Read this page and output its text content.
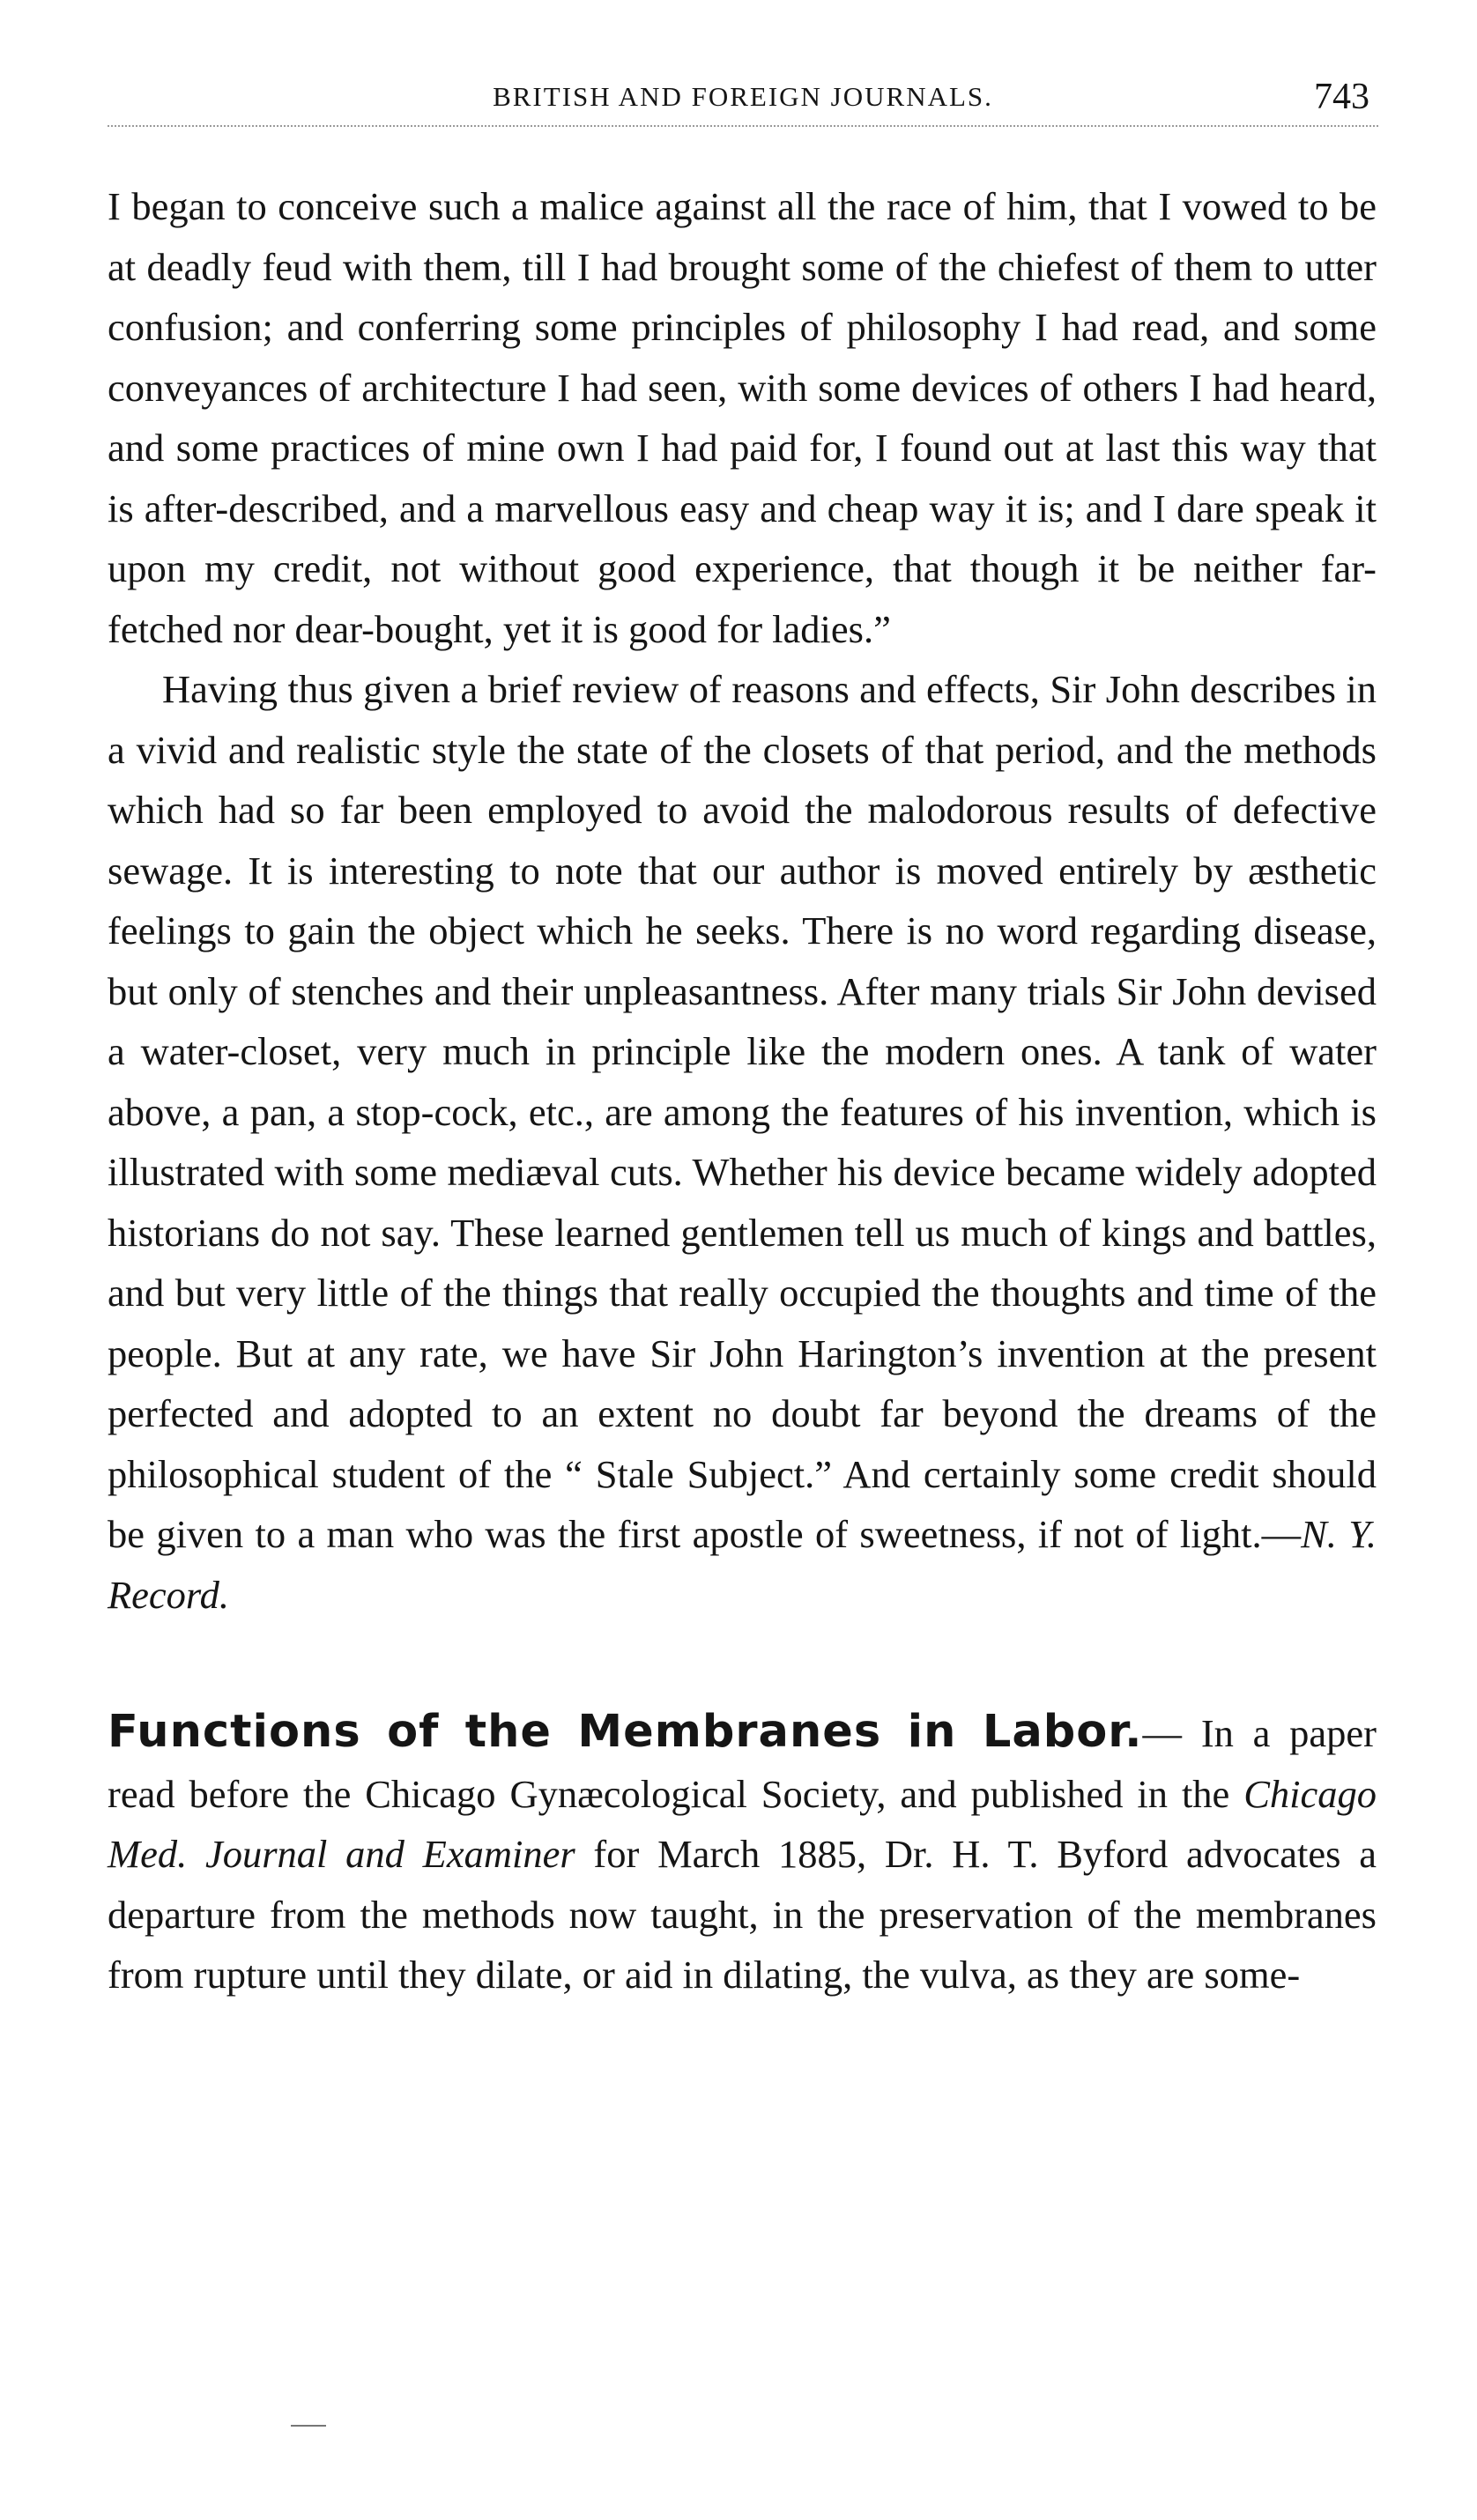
BRITISH AND FOREIGN JOURNALS.	743

I began to conceive such a malice against all the race of him, that I vowed to be at deadly feud with them, till I had brought some of the chiefest of them to utter confusion; and conferring some principles of philosophy I had read, and some conveyances of architecture I had seen, with some devices of others I had heard, and some practices of mine own I had paid for, I found out at last this way that is after-described, and a marvellous easy and cheap way it is; and I dare speak it upon my credit, not without good experience, that though it be neither far-fetched nor dear-bought, yet it is good for ladies.”

Having thus given a brief review of reasons and effects, Sir John describes in a vivid and realistic style the state of the closets of that period, and the methods which had so far been employed to avoid the malodorous results of defective sewage. It is interesting to note that our author is moved entirely by æsthetic feelings to gain the object which he seeks. There is no word regarding disease, but only of stenches and their unpleasantness. After many trials Sir John devised a water-closet, very much in principle like the modern ones. A tank of water above, a pan, a stop-cock, etc., are among the features of his invention, which is illustrated with some mediæval cuts. Whether his device became widely adopted historians do not say. These learned gentlemen tell us much of kings and battles, and but very little of the things that really occupied the thoughts and time of the people. But at any rate, we have Sir John Harington’s invention at the present perfected and adopted to an extent no doubt far beyond the dreams of the philosophical student of the “ Stale Subject.” And certainly some credit should be given to a man who was the first apostle of sweetness, if not of light.—N. Y. Record.

Functions of the Membranes in Labor.— In a paper read before the Chicago Gynæcological Society, and published in the Chicago Med. Journal and Examiner for March 1885, Dr. H. T. Byford advocates a departure from the methods now taught, in the preservation of the membranes from rupture until they dilate, or aid in dilating, the vulva, as they are some-
